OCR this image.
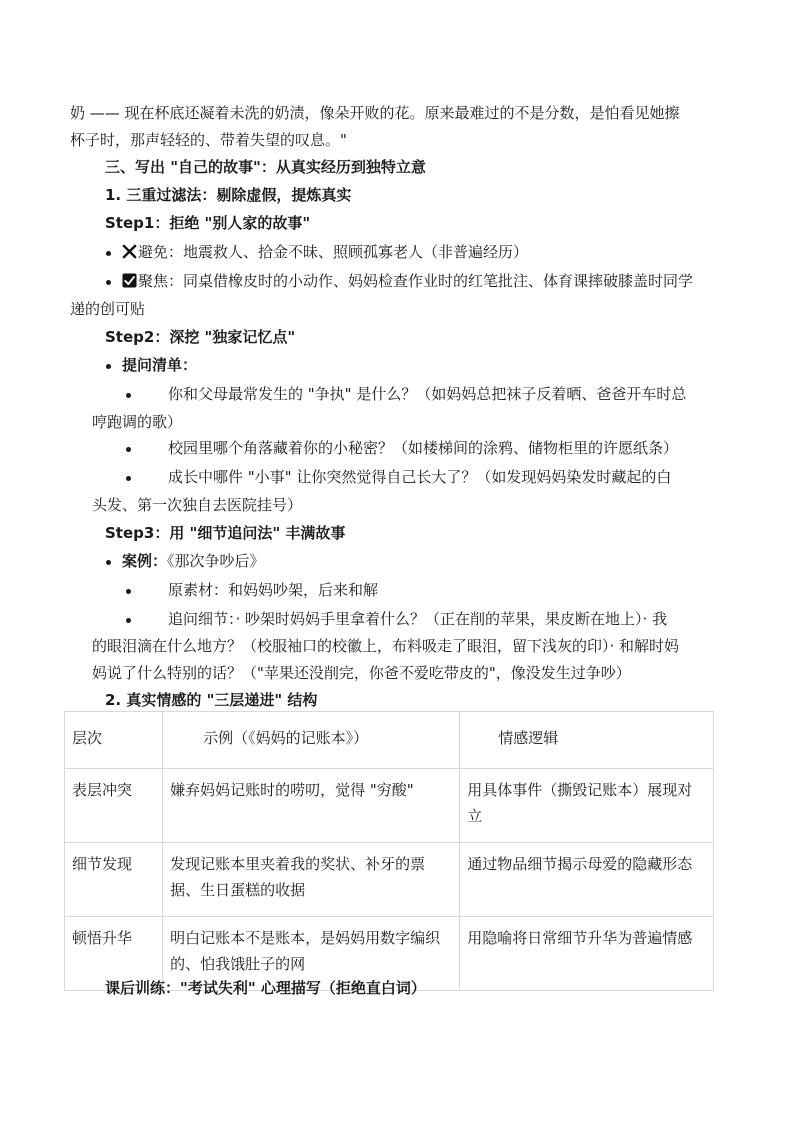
奶 —— 现在杯底还凝着未洗的奶渍，像朵开败的花。原来最难过的不是分数，是怕看见她擦
杯子时，那声轻轻的、带着失望的叹息。"
三、写出 "自己的故事"：从真实经历到独特立意
1. 三重过滤法：剔除虚假，提炼真实
Step1：拒绝 "别人家的故事"
避免：地震救人、拾金不昧、照顾孤寡老人（非普遍经历）
聚焦：同桌借橡皮时的小动作、妈妈检查作业时的红笔批注、体育课摔破膝盖时同学
递的创可贴
Step2：深挖 "独家记忆点"
提问清单：
你和父母最常发生的 "争执" 是什么？（如妈妈总把袜子反着晒、爸爸开车时总
哼跑调的歌）
校园里哪个角落藏着你的小秘密？（如楼梯间的涂鸦、储物柜里的许愿纸条）
成长中哪件 "小事" 让你突然觉得自己长大了？（如发现妈妈染发时藏起的白
头发、第一次独自去医院挂号）
Step3：用 "细节追问法" 丰满故事
案例：《那次争吵后》
原素材：和妈妈吵架，后来和解
追问细节：· 吵架时妈妈手里拿着什么？（正在削的苹果，果皮断在地上）· 我
的眼泪滴在什么地方？（校服袖口的校徽上，布料吸走了眼泪，留下浅灰的印）· 和解时妈
妈说了什么特别的话？（"苹果还没削完，你爸不爱吃带皮的"，像没发生过争吵）
2. 真实情感的 "三层递进" 结构
层次	示例（《妈妈的记账本》）	情感逻辑
表层冲突	嫌弃妈妈记账时的唠叨，觉得 "穷酸"	用具体事件（撕毁记账本）展现对立
细节发现	发现记账本里夹着我的奖状、补牙的票据、生日蛋糕的收据	通过物品细节揭示母爱的隐藏形态
顿悟升华	明白记账本不是账本，是妈妈用数字编织的、怕我饿肚子的网	用隐喻将日常细节升华为普遍情感
课后训练："考试失利" 心理描写（拒绝直白词）
